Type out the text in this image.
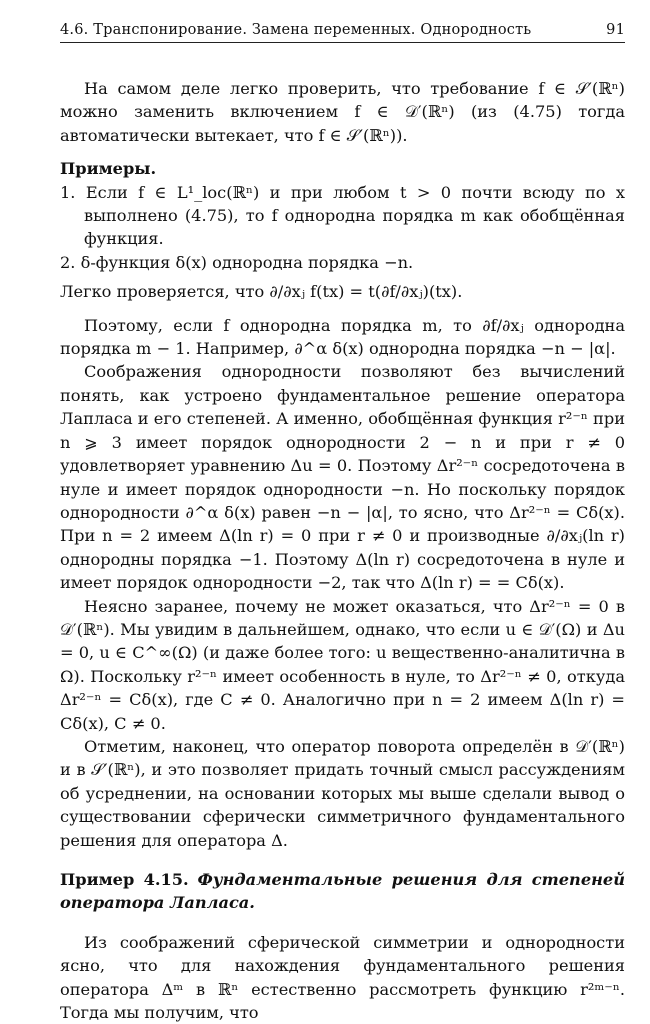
4.6. Транспонирование. Замена переменных. Однородность	91

На самом деле легко проверить, что требование f ∈ 𝒮′(ℝⁿ) можно заменить включением f ∈ 𝒟′(ℝⁿ) (из (4.75) тогда автоматически вытекает, что f ∈ 𝒮′(ℝⁿ)).

Примеры.

1. Если f ∈ L¹_loc(ℝⁿ) и при любом t > 0 почти всюду по x выполнено (4.75), то f однородна порядка m как обобщённая функция.

2. δ-функция δ(x) однородна порядка −n.

Легко проверяется, что ∂/∂xⱼ f(tx) = t(∂f/∂xⱼ)(tx).

Поэтому, если f однородна порядка m, то ∂f/∂xⱼ однородна порядка m − 1. Например, ∂^α δ(x) однородна порядка −n − |α|.

Соображения однородности позволяют без вычислений понять, как устроено фундаментальное решение оператора Лапласа и его степеней. А именно, обобщённая функция r²⁻ⁿ при n ⩾ 3 имеет порядок однородности 2 − n и при r ≠ 0 удовлетворяет уравнению Δu = 0. Поэтому Δr²⁻ⁿ сосредоточена в нуле и имеет порядок однородности −n. Но поскольку порядок однородности ∂^α δ(x) равен −n − |α|, то ясно, что Δr²⁻ⁿ = Cδ(x). При n = 2 имеем Δ(ln r) = 0 при r ≠ 0 и производные ∂/∂xⱼ(ln r) однородны порядка −1. Поэтому Δ(ln r) сосредоточена в нуле и имеет порядок однородности −2, так что Δ(ln r) = = Cδ(x).

Неясно заранее, почему не может оказаться, что Δr²⁻ⁿ = 0 в 𝒟′(ℝⁿ). Мы увидим в дальнейшем, однако, что если u ∈ 𝒟′(Ω) и Δu = 0, u ∈ C^∞(Ω) (и даже более того: u вещественно-аналитична в Ω). Поскольку r²⁻ⁿ имеет особенность в нуле, то Δr²⁻ⁿ ≠ 0, откуда Δr²⁻ⁿ = Cδ(x), где C ≠ 0. Аналогично при n = 2 имеем Δ(ln r) = Cδ(x), C ≠ 0.

Отметим, наконец, что оператор поворота определён в 𝒟′(ℝⁿ) и в 𝒮′(ℝⁿ), и это позволяет придать точный смысл рассуждениям об усреднении, на основании которых мы выше сделали вывод о существовании сферически симметричного фундаментального решения для оператора Δ.

Пример 4.15. Фундаментальные решения для степеней оператора Лапласа.

Из соображений сферической симметрии и однородности ясно, что для нахождения фундаментального решения оператора Δᵐ в ℝⁿ естественно рассмотреть функцию r²ᵐ⁻ⁿ. Тогда мы получим, что
